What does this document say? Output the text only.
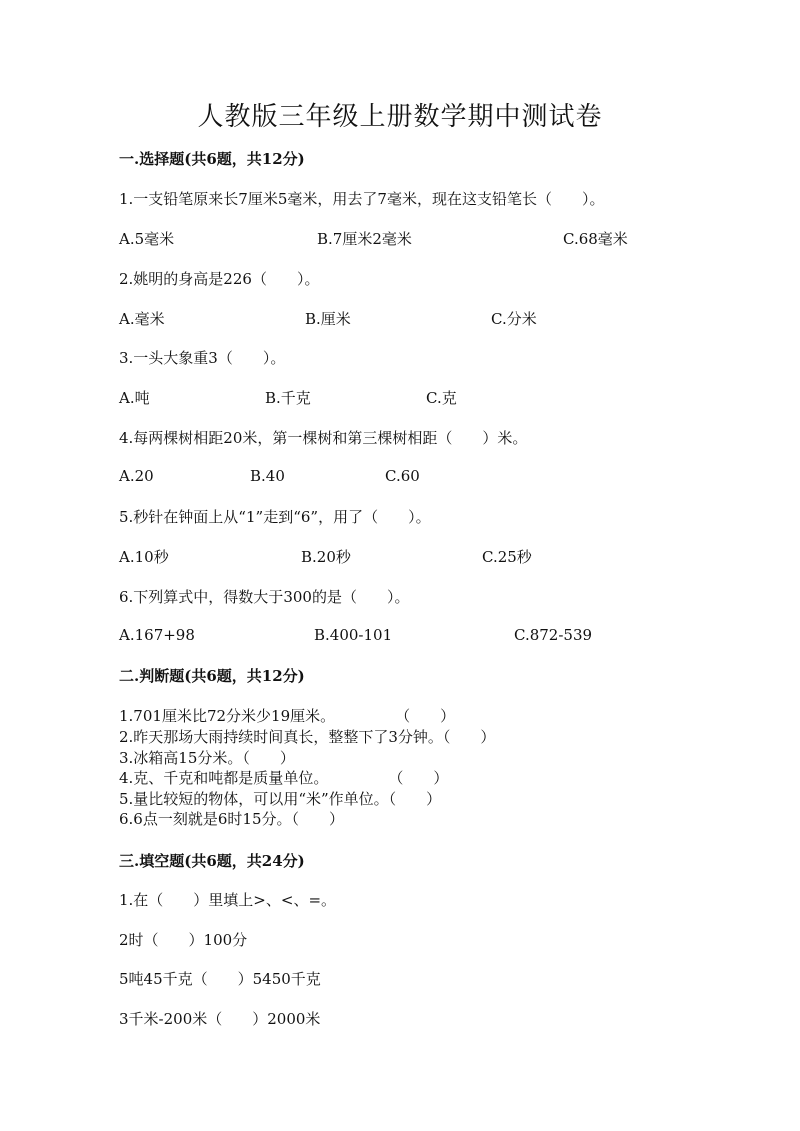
人教版三年级上册数学期中测试卷
一.选择题(共6题，共12分)
1.一支铅笔原来长7厘米5毫米，用去了7毫米，现在这支铅笔长（　　）。
A.5毫米	B.7厘米2毫米	C.68毫米
2.姚明的身高是226（　　）。
A.毫米	B.厘米	C.分米
3.一头大象重3（　　）。
A.吨	B.千克	C.克
4.每两棵树相距20米，第一棵树和第三棵树相距（　　）米。
A.20	B.40	C.60
5.秒针在钟面上从“1”走到“6”，用了（　　）。
A.10秒	B.20秒	C.25秒
6.下列算式中，得数大于300的是（　　）。
A.167+98	B.400-101	C.872-539
二.判断题(共6题，共12分)
1.701厘米比72分米少19厘米。　　　　　（　　）
2.昨天那场大雨持续时间真长，整整下了3分钟。（　　）
3.冰箱高15分米。（　　）
4.克、千克和吨都是质量单位。　　　　　（　　）
5.量比较短的物体，可以用“米”作单位。（　　）
6.6点一刻就是6时15分。（　　）
三.填空题(共6题，共24分)
1.在（　　）里填上>、<、=。
2时（　　）100分
5吨45千克（　　）5450千克
3千米-200米（　　）2000米
